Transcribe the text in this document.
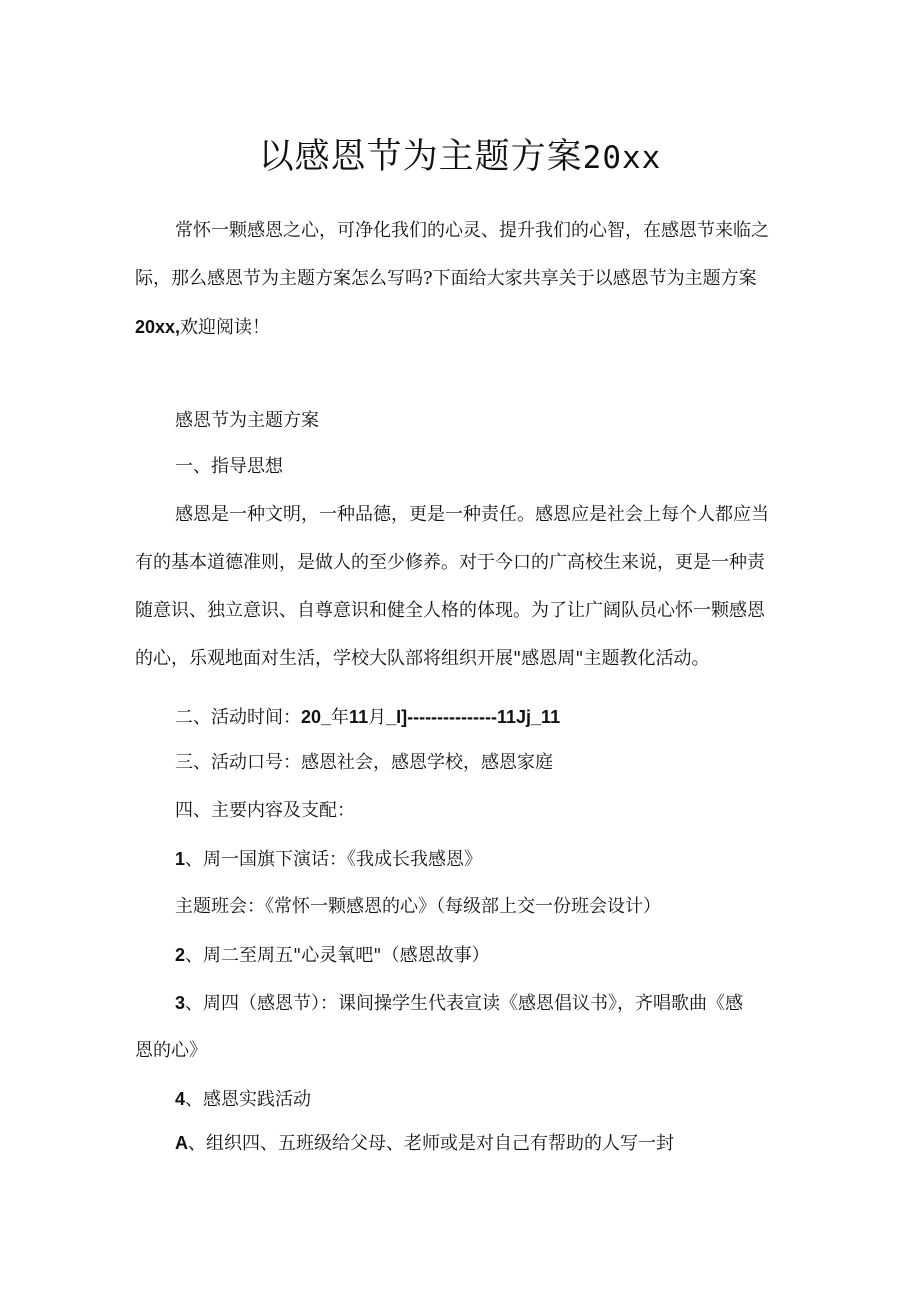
以感恩节为主题方案20xx
常怀一颗感恩之心，可净化我们的心灵、提升我们的心智，在感恩节来临之
际，那么感恩节为主题方案怎么写吗?下面给大家共享关于以感恩节为主题方案
20xx,欢迎阅读！
感恩节为主题方案
一、指导思想
感恩是一种文明，一种品德，更是一种责任。感恩应是社会上每个人都应当
有的基本道德准则，是做人的至少修养。对于今口的广高校生来说，更是一种责
随意识、独立意识、自尊意识和健全人格的体现。为了让广阔队员心怀一颗感恩
的心，乐观地面对生活，学校大队部将组织开展"感恩周"主题教化活动。
二、活动时间：20_年11月_I]---------------11Jj_11
三、活动口号：感恩社会，感恩学校，感恩家庭
四、主要内容及支配：
1、周一国旗下演话：《我成长我感恩》
主题班会：《常怀一颗感恩的心》（每级部上交一份班会设计）
2、周二至周五"心灵氧吧"（感恩故事）
3、周四（感恩节）：课间操学生代表宣读《感恩倡议书》，齐唱歌曲《感
恩的心》
4、感恩实践活动
A、组织四、五班级给父母、老师或是对自己有帮助的人写一封
